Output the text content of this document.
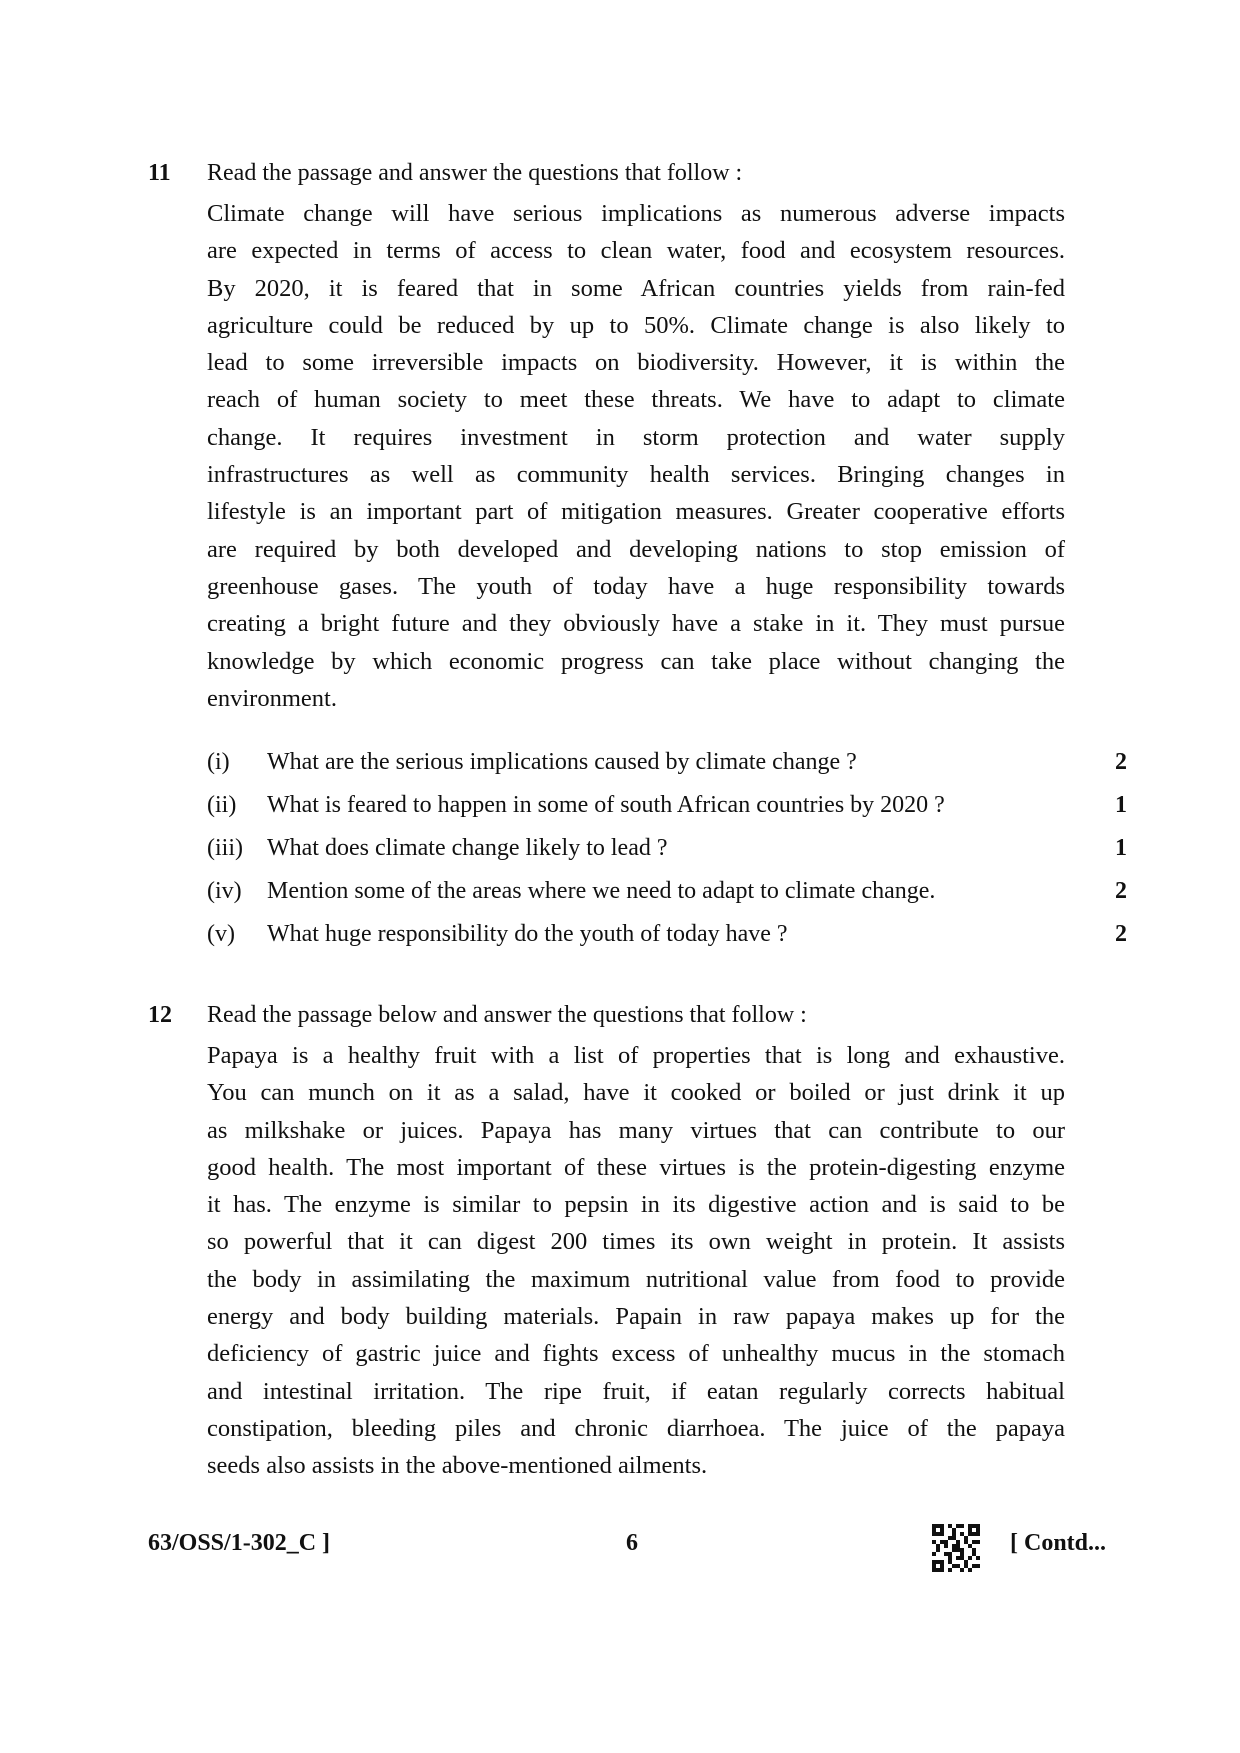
11 Read the passage and answer the questions that follow :
Climate change will have serious implications as numerous adverse impacts
are expected in terms of access to clean water, food and ecosystem resources.
By 2020, it is feared that in some African countries yields from rain-fed
agriculture could be reduced by up to 50%. Climate change is also likely to
lead to some irreversible impacts on biodiversity. However, it is within the
reach of human society to meet these threats. We have to adapt to climate
change. It requires investment in storm protection and water supply
infrastructures as well as community health services. Bringing changes in
lifestyle is an important part of mitigation measures. Greater cooperative efforts
are required by both developed and developing nations to stop emission of
greenhouse gases. The youth of today have a huge responsibility towards
creating a bright future and they obviously have a stake in it. They must pursue
knowledge by which economic progress can take place without changing the
environment.
(i) What are the serious implications caused by climate change ?	2
(ii) What is feared to happen in some of south African countries by 2020 ?	1
(iii) What does climate change likely to lead ?	1
(iv) Mention some of the areas where we need to adapt to climate change.	2
(v) What huge responsibility do the youth of today have ?	2
12 Read the passage below and answer the questions that follow :
Papaya is a healthy fruit with a list of properties that is long and exhaustive.
You can munch on it as a salad, have it cooked or boiled or just drink it up
as milkshake or juices. Papaya has many virtues that can contribute to our
good health. The most important of these virtues is the protein-digesting enzyme
it has. The enzyme is similar to pepsin in its digestive action and is said to be
so powerful that it can digest 200 times its own weight in protein. It assists
the body in assimilating the maximum nutritional value from food to provide
energy and body building materials. Papain in raw papaya makes up for the
deficiency of gastric juice and fights excess of unhealthy mucus in the stomach
and intestinal irritation. The ripe fruit, if eatan regularly corrects habitual
constipation, bleeding piles and chronic diarrhoea. The juice of the papaya
seeds also assists in the above-mentioned ailments.
63/OSS/1-302_C ]	6	[ Contd...
